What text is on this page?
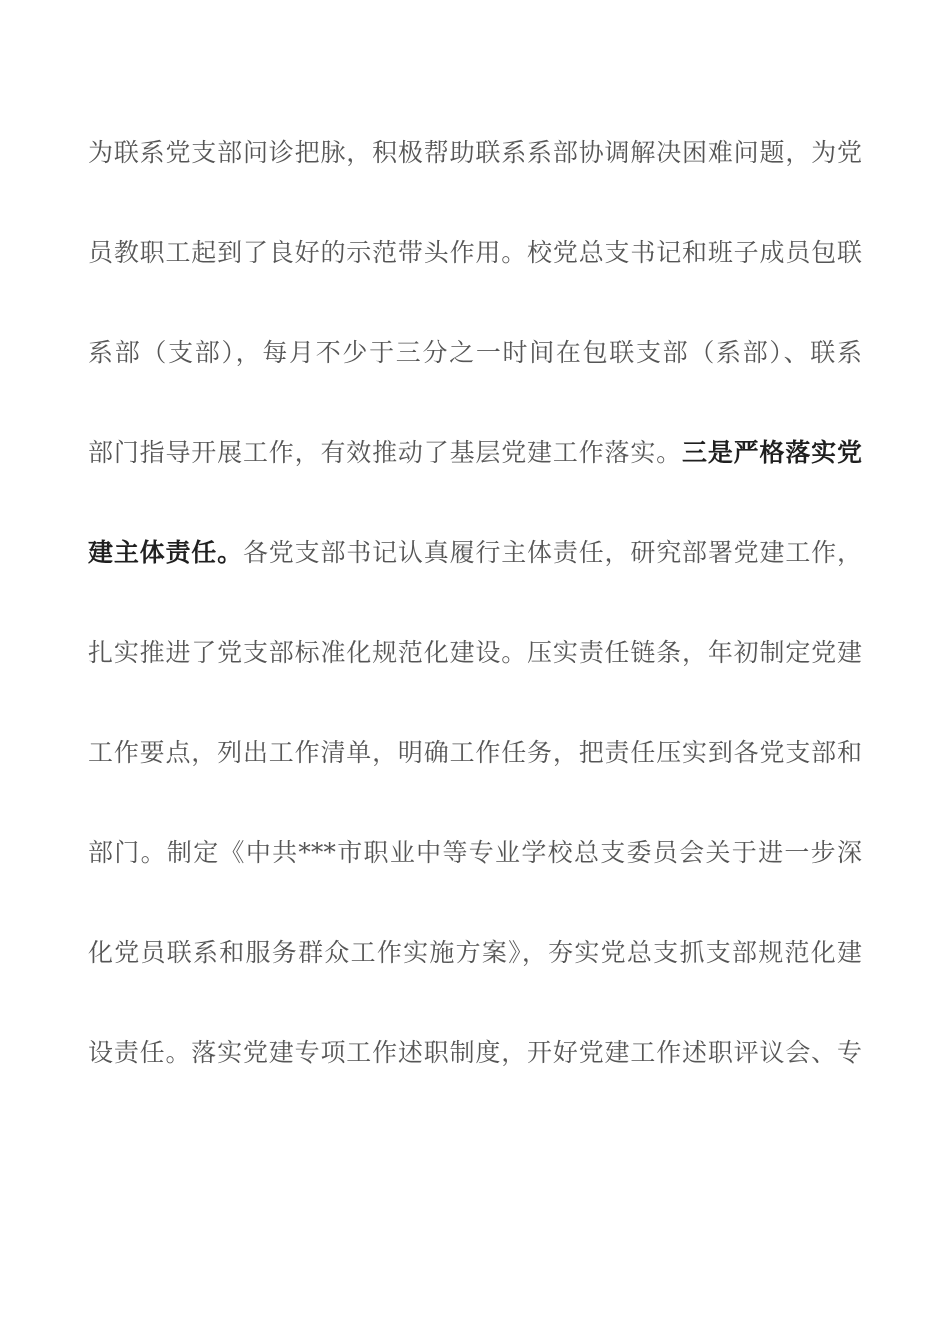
为联系党支部问诊把脉，积极帮助联系系部协调解决困难问题，为党
员教职工起到了良好的示范带头作用。校党总支书记和班子成员包联
系部（支部），每月不少于三分之一时间在包联支部（系部）、联系
部门指导开展工作，有效推动了基层党建工作落实。三是严格落实党
建主体责任。各党支部书记认真履行主体责任，研究部署党建工作，
扎实推进了党支部标准化规范化建设。压实责任链条，年初制定党建
工作要点，列出工作清单，明确工作任务，把责任压实到各党支部和
部门。制定《中共***市职业中等专业学校总支委员会关于进一步深
化党员联系和服务群众工作实施方案》，夯实党总支抓支部规范化建
设责任。落实党建专项工作述职制度，开好党建工作述职评议会、专
